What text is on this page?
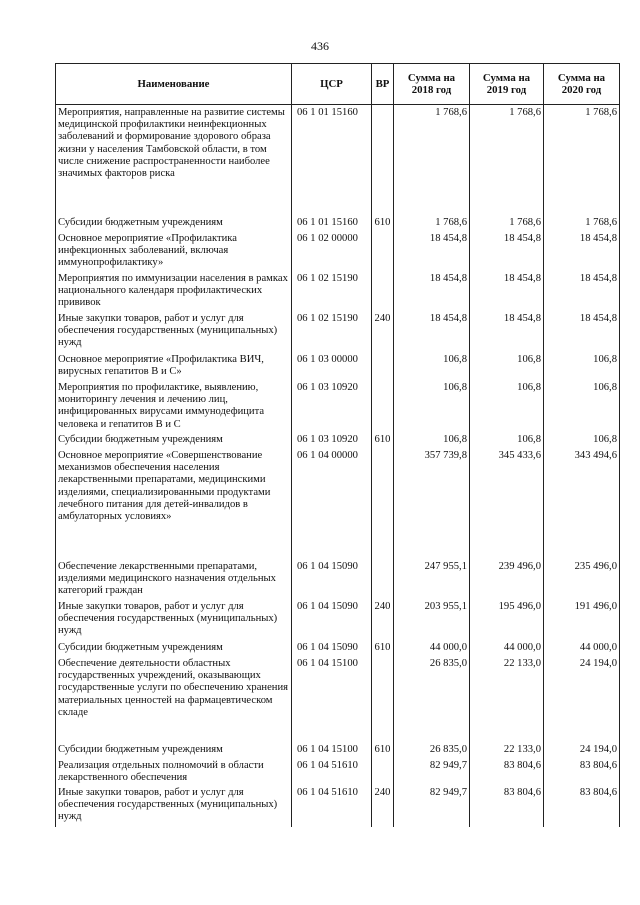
436
Наименование	ЦСР	ВР	Сумма на 2018 год	Сумма на 2019 год	Сумма на 2020 год
Мероприятия, направленные на развитие системы медицинской профилактики неинфекционных заболеваний и формирование здорового образа жизни у населения Тамбовской области, в том числе снижение распространенности наиболее значимых факторов риска	06 1 01 15160		1 768,6	1 768,6	1 768,6
Субсидии бюджетным учреждениям	06 1 01 15160	610	1 768,6	1 768,6	1 768,6
Основное мероприятие «Профилактика инфекционных заболеваний, включая иммунопрофилактику»	06 1 02 00000		18 454,8	18 454,8	18 454,8
Мероприятия по иммунизации населения в рамках национального календаря профилактических прививок	06 1 02 15190		18 454,8	18 454,8	18 454,8
Иные закупки товаров, работ и услуг для обеспечения государственных (муниципальных) нужд	06 1 02 15190	240	18 454,8	18 454,8	18 454,8
Основное мероприятие «Профилактика ВИЧ, вирусных гепатитов В и С»	06 1 03 00000		106,8	106,8	106,8
Мероприятия по профилактике, выявлению, мониторингу лечения и лечению лиц, инфицированных вирусами иммунодефицита человека и гепатитов В и С	06 1 03 10920		106,8	106,8	106,8
Субсидии бюджетным учреждениям	06 1 03 10920	610	106,8	106,8	106,8
Основное мероприятие «Совершенствование механизмов обеспечения населения лекарственными препаратами, медицинскими изделиями, специализированными продуктами лечебного питания для детей-инвалидов в амбулаторных условиях»	06 1 04 00000		357 739,8	345 433,6	343 494,6
Обеспечение лекарственными препаратами, изделиями медицинского назначения отдельных категорий граждан	06 1 04 15090		247 955,1	239 496,0	235 496,0
Иные закупки товаров, работ и услуг для обеспечения государственных (муниципальных) нужд	06 1 04 15090	240	203 955,1	195 496,0	191 496,0
Субсидии бюджетным учреждениям	06 1 04 15090	610	44 000,0	44 000,0	44 000,0
Обеспечение деятельности областных государственных учреждений, оказывающих государственные услуги по обеспечению хранения материальных ценностей на фармацевтическом складе	06 1 04 15100		26 835,0	22 133,0	24 194,0
Субсидии бюджетным учреждениям	06 1 04 15100	610	26 835,0	22 133,0	24 194,0
Реализация отдельных полномочий в области лекарственного обеспечения	06 1 04 51610		82 949,7	83 804,6	83 804,6
Иные закупки товаров, работ и услуг для обеспечения государственных (муниципальных) нужд	06 1 04 51610	240	82 949,7	83 804,6	83 804,6
